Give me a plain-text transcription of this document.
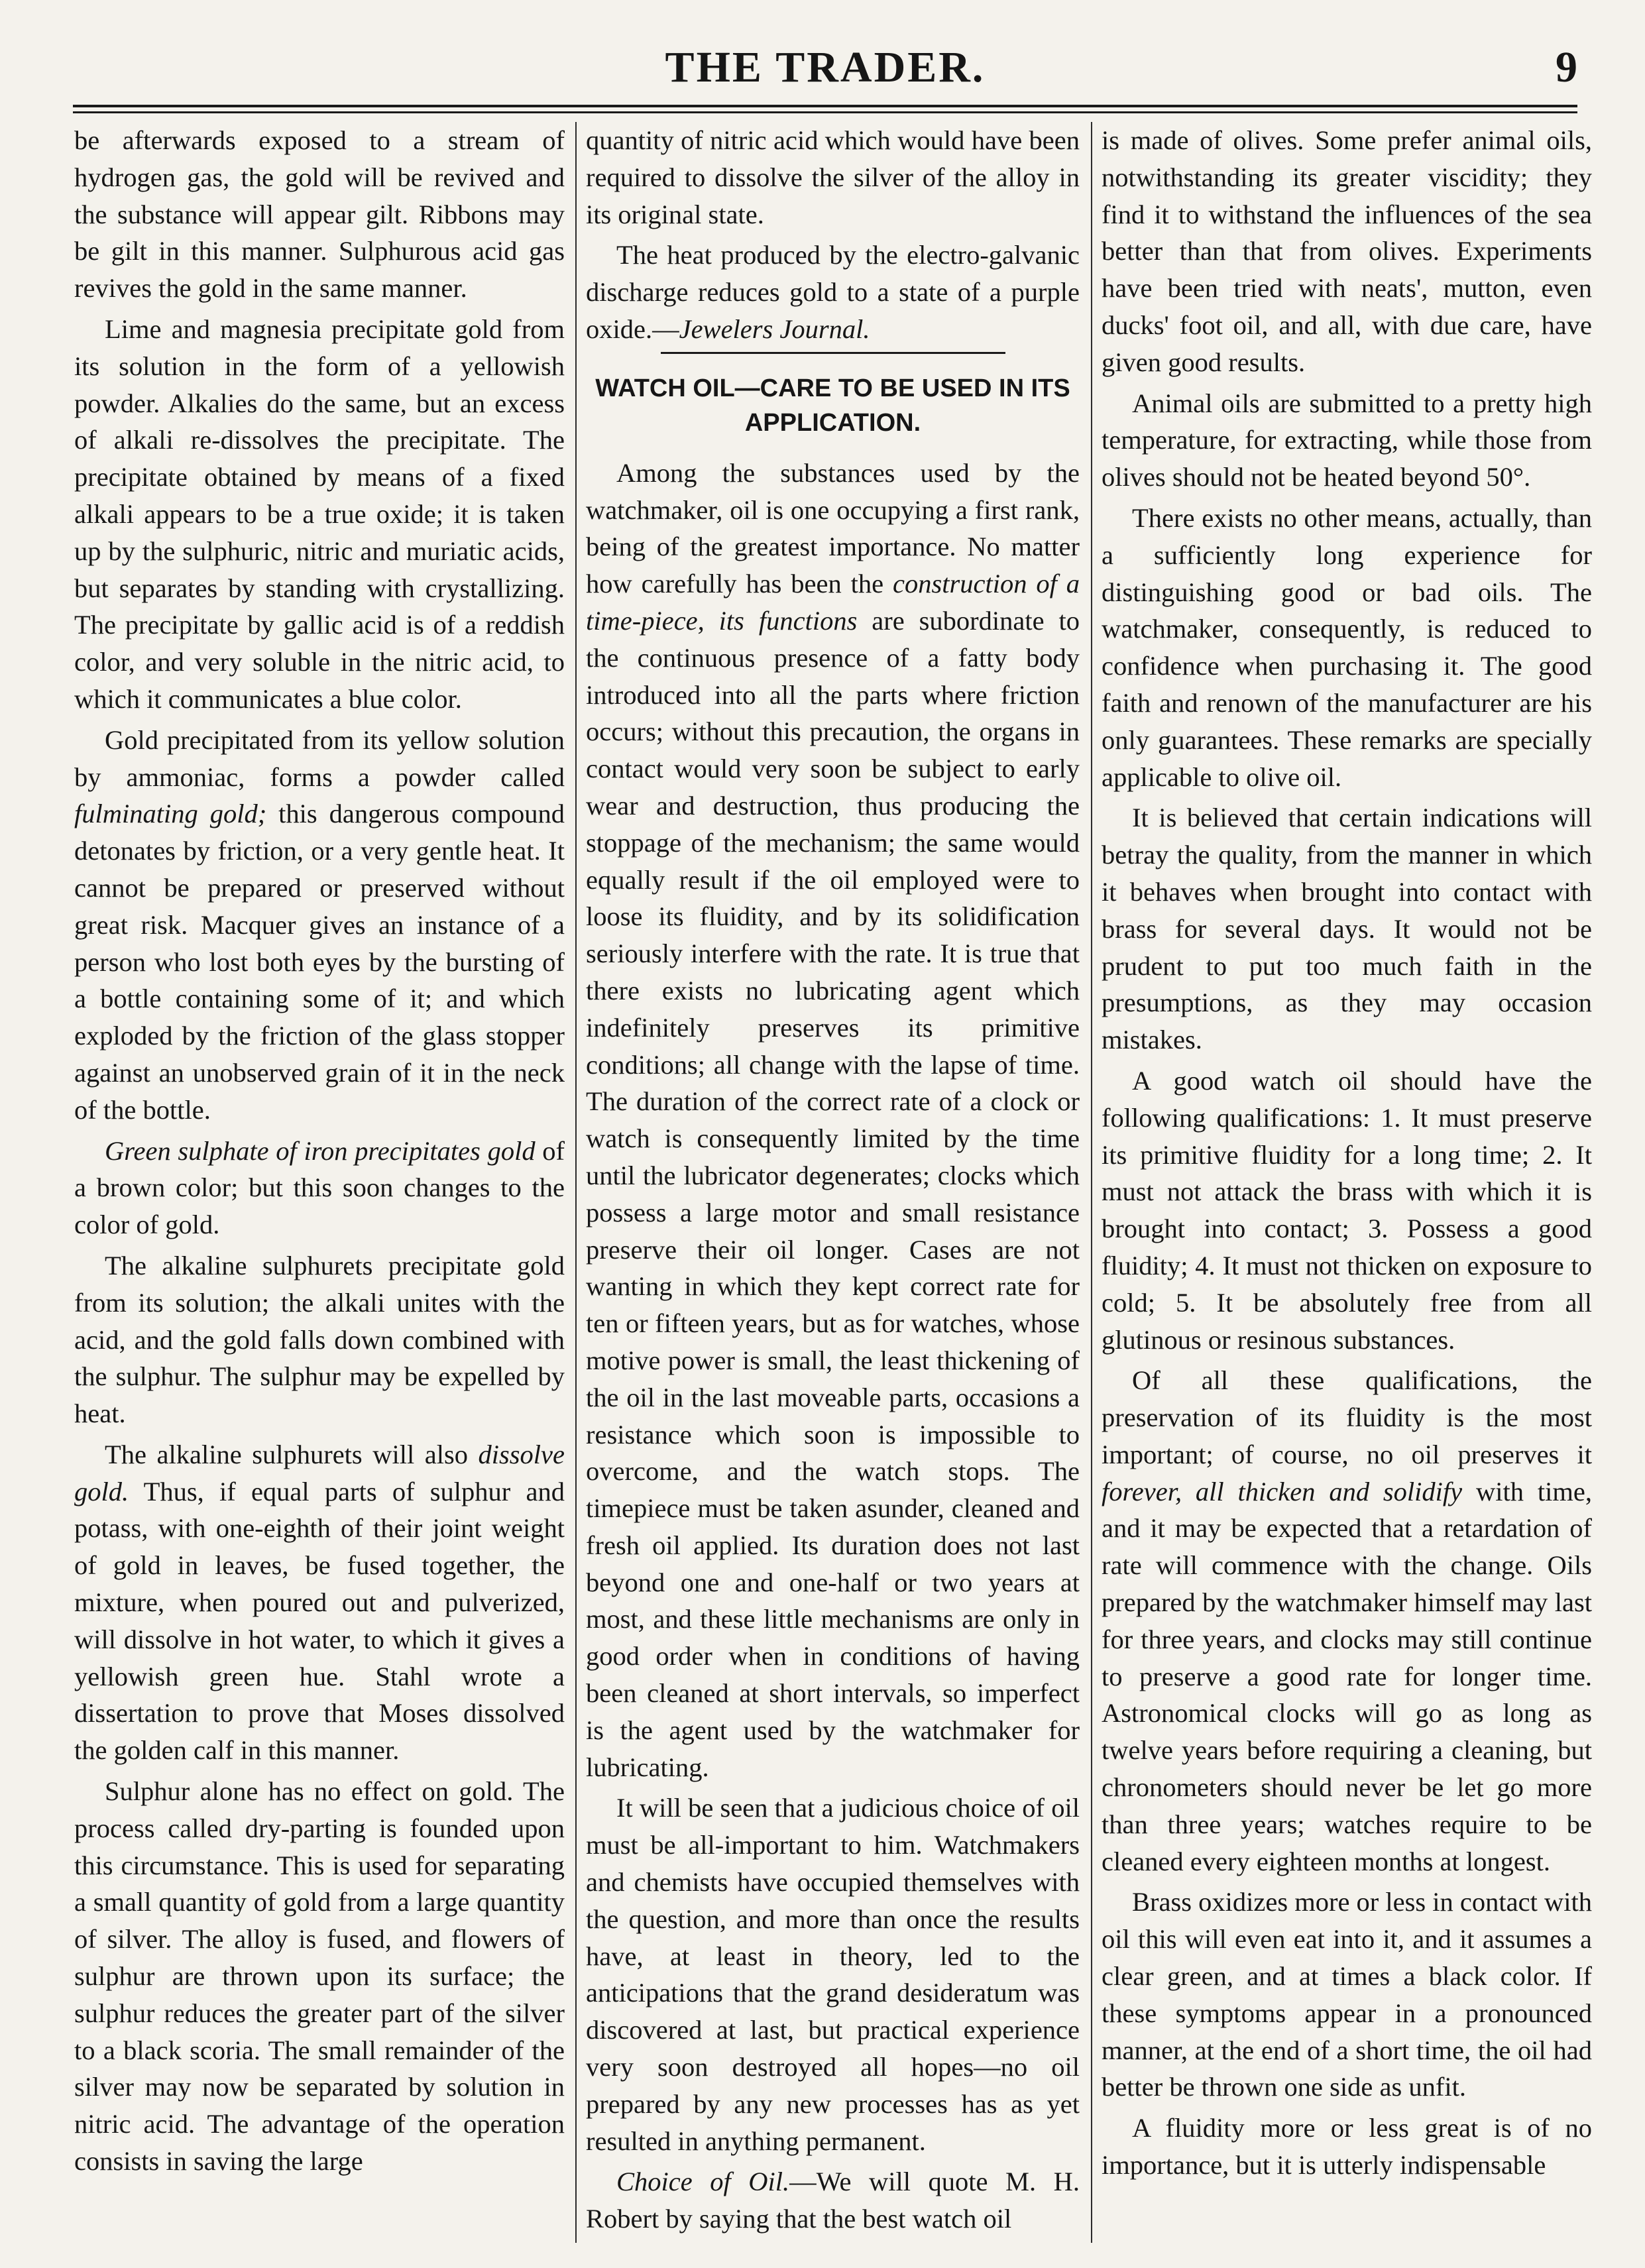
THE TRADER.	9

be afterwards exposed to a stream of hydrogen gas, the gold will be revived and the substance will appear gilt. Ribbons may be gilt in this manner. Sulphurous acid gas revives the gold in the same manner.

Lime and magnesia precipitate gold from its solution in the form of a yellowish powder. Alkalies do the same, but an excess of alkali re-dissolves the precipitate. The precipitate obtained by means of a fixed alkali appears to be a true oxide; it is taken up by the sulphuric, nitric and muriatic acids, but separates by standing with crystallizing. The precipitate by gallic acid is of a reddish color, and very soluble in the nitric acid, to which it communicates a blue color.

Gold precipitated from its yellow solution by ammoniac, forms a powder called fulminating gold; this dangerous compound detonates by friction, or a very gentle heat. It cannot be prepared or preserved without great risk. Macquer gives an instance of a person who lost both eyes by the bursting of a bottle containing some of it; and which exploded by the friction of the glass stopper against an unobserved grain of it in the neck of the bottle.

Green sulphate of iron precipitates gold of a brown color; but this soon changes to the color of gold.

The alkaline sulphurets precipitate gold from its solution; the alkali unites with the acid, and the gold falls down combined with the sulphur. The sulphur may be expelled by heat.

The alkaline sulphurets will also dissolve gold. Thus, if equal parts of sulphur and potass, with one-eighth of their joint weight of gold in leaves, be fused together, the mixture, when poured out and pulverized, will dissolve in hot water, to which it gives a yellowish green hue. Stahl wrote a dissertation to prove that Moses dissolved the golden calf in this manner.

Sulphur alone has no effect on gold. The process called dry-parting is founded upon this circumstance. This is used for separating a small quantity of gold from a large quantity of silver. The alloy is fused, and flowers of sulphur are thrown upon its surface; the sulphur reduces the greater part of the silver to a black scoria. The small remainder of the silver may now be separated by solution in nitric acid. The advantage of the operation consists in saving the large

quantity of nitric acid which would have been required to dissolve the silver of the alloy in its original state.

The heat produced by the electro-galvanic discharge reduces gold to a state of a purple oxide.—Jewelers Journal.

WATCH OIL—CARE TO BE USED IN ITS APPLICATION.

Among the substances used by the watchmaker, oil is one occupying a first rank, being of the greatest importance. No matter how carefully has been the construction of a time-piece, its functions are subordinate to the continuous presence of a fatty body introduced into all the parts where friction occurs; without this precaution, the organs in contact would very soon be subject to early wear and destruction, thus producing the stoppage of the mechanism; the same would equally result if the oil employed were to loose its fluidity, and by its solidification seriously interfere with the rate. It is true that there exists no lubricating agent which indefinitely preserves its primitive conditions; all change with the lapse of time. The duration of the correct rate of a clock or watch is consequently limited by the time until the lubricator degenerates; clocks which possess a large motor and small resistance preserve their oil longer. Cases are not wanting in which they kept correct rate for ten or fifteen years, but as for watches, whose motive power is small, the least thickening of the oil in the last moveable parts, occasions a resistance which soon is impossible to overcome, and the watch stops. The timepiece must be taken asunder, cleaned and fresh oil applied. Its duration does not last beyond one and one-half or two years at most, and these little mechanisms are only in good order when in conditions of having been cleaned at short intervals, so imperfect is the agent used by the watchmaker for lubricating.

It will be seen that a judicious choice of oil must be all-important to him. Watchmakers and chemists have occupied themselves with the question, and more than once the results have, at least in theory, led to the anticipations that the grand desideratum was discovered at last, but practical experience very soon destroyed all hopes—no oil prepared by any new processes has as yet resulted in anything permanent.

Choice of Oil.—We will quote M. H. Robert by saying that the best watch oil

is made of olives. Some prefer animal oils, notwithstanding its greater viscidity; they find it to withstand the influences of the sea better than that from olives. Experiments have been tried with neats', mutton, even ducks' foot oil, and all, with due care, have given good results.

Animal oils are submitted to a pretty high temperature, for extracting, while those from olives should not be heated beyond 50°.

There exists no other means, actually, than a sufficiently long experience for distinguishing good or bad oils. The watchmaker, consequently, is reduced to confidence when purchasing it. The good faith and renown of the manufacturer are his only guarantees. These remarks are specially applicable to olive oil.

It is believed that certain indications will betray the quality, from the manner in which it behaves when brought into contact with brass for several days. It would not be prudent to put too much faith in the presumptions, as they may occasion mistakes.

A good watch oil should have the following qualifications: 1. It must preserve its primitive fluidity for a long time; 2. It must not attack the brass with which it is brought into contact; 3. Possess a good fluidity; 4. It must not thicken on exposure to cold; 5. It be absolutely free from all glutinous or resinous substances.

Of all these qualifications, the preservation of its fluidity is the most important; of course, no oil preserves it forever, all thicken and solidify with time, and it may be expected that a retardation of rate will commence with the change. Oils prepared by the watchmaker himself may last for three years, and clocks may still continue to preserve a good rate for longer time. Astronomical clocks will go as long as twelve years before requiring a cleaning, but chronometers should never be let go more than three years; watches require to be cleaned every eighteen months at longest.

Brass oxidizes more or less in contact with oil this will even eat into it, and it assumes a clear green, and at times a black color. If these symptoms appear in a pronounced manner, at the end of a short time, the oil had better be thrown one side as unfit.

A fluidity more or less great is of no importance, but it is utterly indispensable
